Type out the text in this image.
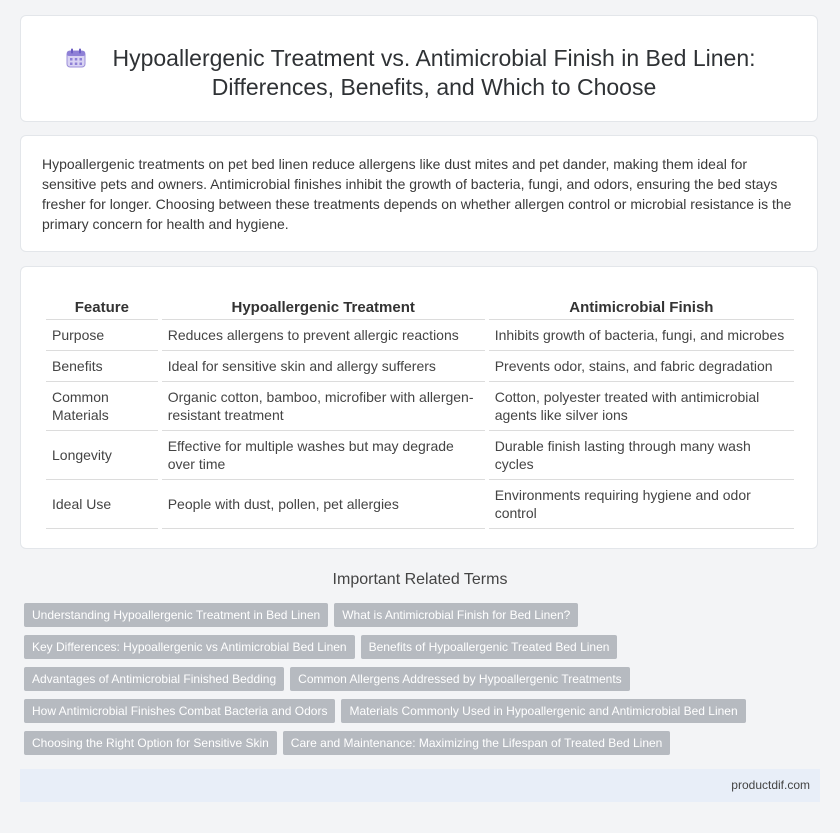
Hypoallergenic Treatment vs. Antimicrobial Finish in Bed Linen: Differences, Benefits, and Which to Choose

Hypoallergenic treatments on pet bed linen reduce allergens like dust mites and pet dander, making them ideal for sensitive pets and owners. Antimicrobial finishes inhibit the growth of bacteria, fungi, and odors, ensuring the bed stays fresher for longer. Choosing between these treatments depends on whether allergen control or microbial resistance is the primary concern for health and hygiene.

Feature	Hypoallergenic Treatment	Antimicrobial Finish
Purpose	Reduces allergens to prevent allergic reactions	Inhibits growth of bacteria, fungi, and microbes
Benefits	Ideal for sensitive skin and allergy sufferers	Prevents odor, stains, and fabric degradation
Common Materials	Organic cotton, bamboo, microfiber with allergen-resistant treatment	Cotton, polyester treated with antimicrobial agents like silver ions
Longevity	Effective for multiple washes but may degrade over time	Durable finish lasting through many wash cycles
Ideal Use	People with dust, pollen, pet allergies	Environments requiring hygiene and odor control
Important Related Terms
Understanding Hypoallergenic Treatment in Bed Linen What is Antimicrobial Finish for Bed Linen?
Key Differences: Hypoallergenic vs Antimicrobial Bed Linen Benefits of Hypoallergenic Treated Bed Linen
Advantages of Antimicrobial Finished Bedding Common Allergens Addressed by Hypoallergenic Treatments
How Antimicrobial Finishes Combat Bacteria and Odors Materials Commonly Used in Hypoallergenic and Antimicrobial Bed Linen
Choosing the Right Option for Sensitive Skin Care and Maintenance: Maximizing the Lifespan of Treated Bed Linen
productdif.com
